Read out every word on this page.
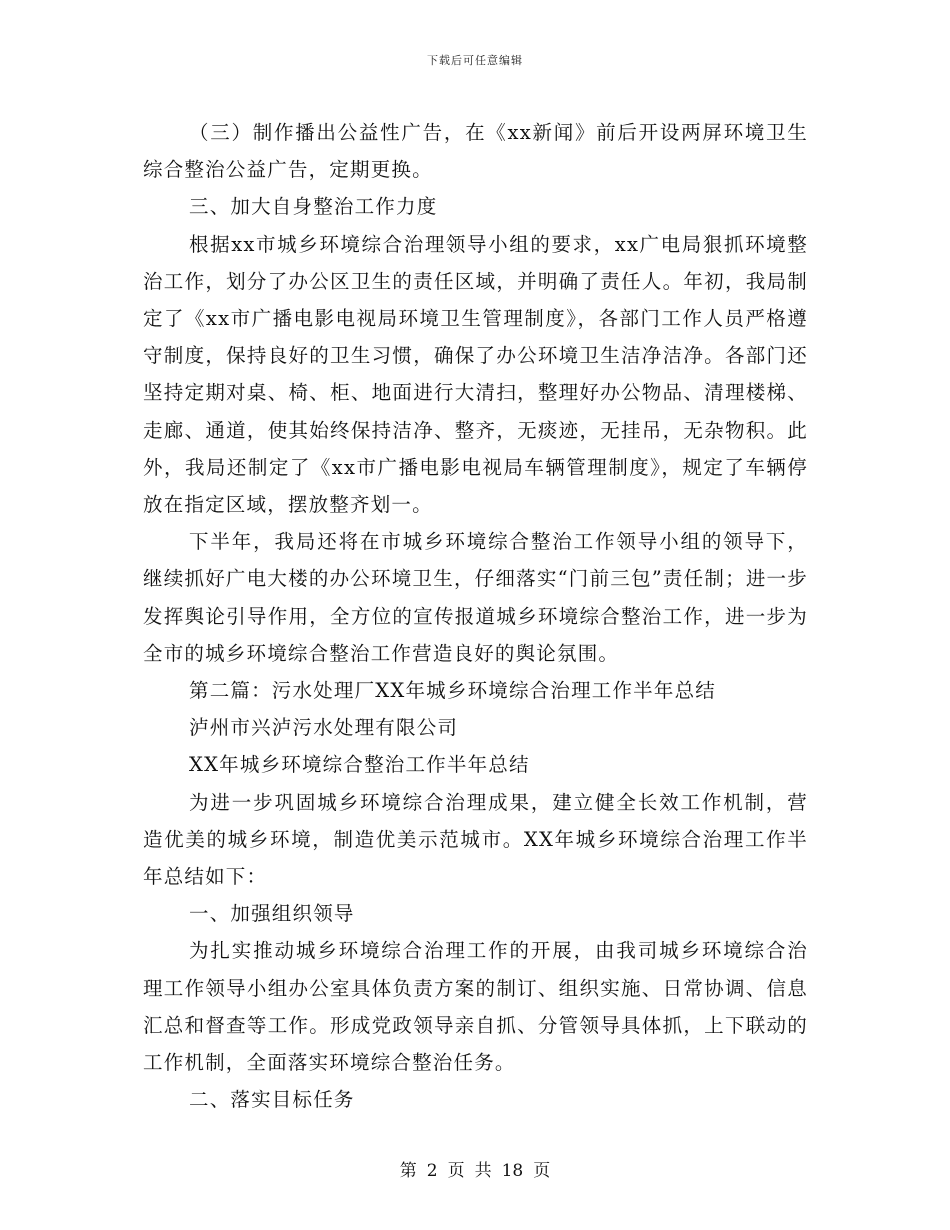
下载后可任意编辑

（三）制作播出公益性广告，在《xx新闻》前后开设两屏环境卫生综合整治公益广告，定期更换。

三、加大自身整治工作力度

根据xx市城乡环境综合治理领导小组的要求，xx广电局狠抓环境整治工作，划分了办公区卫生的责任区域，并明确了责任人。年初，我局制定了《xx市广播电影电视局环境卫生管理制度》，各部门工作人员严格遵守制度，保持良好的卫生习惯，确保了办公环境卫生洁净洁净。各部门还坚持定期对桌、椅、柜、地面进行大清扫，整理好办公物品、清理楼梯、走廊、通道，使其始终保持洁净、整齐，无痰迹，无挂吊，无杂物积。此外，我局还制定了《xx市广播电影电视局车辆管理制度》，规定了车辆停放在指定区域，摆放整齐划一。

下半年，我局还将在市城乡环境综合整治工作领导小组的领导下，继续抓好广电大楼的办公环境卫生，仔细落实“门前三包”责任制；进一步发挥舆论引导作用，全方位的宣传报道城乡环境综合整治工作，进一步为全市的城乡环境综合整治工作营造良好的舆论氛围。

第二篇：污水处理厂XX年城乡环境综合治理工作半年总结

泸州市兴泸污水处理有限公司

XX年城乡环境综合整治工作半年总结

为进一步巩固城乡环境综合治理成果，建立健全长效工作机制，营造优美的城乡环境，制造优美示范城市。XX年城乡环境综合治理工作半年总结如下：

一、加强组织领导

为扎实推动城乡环境综合治理工作的开展，由我司城乡环境综合治理工作领导小组办公室具体负责方案的制订、组织实施、日常协调、信息汇总和督查等工作。形成党政领导亲自抓、分管领导具体抓，上下联动的工作机制，全面落实环境综合整治任务。

二、落实目标任务

第 2 页 共 18 页
